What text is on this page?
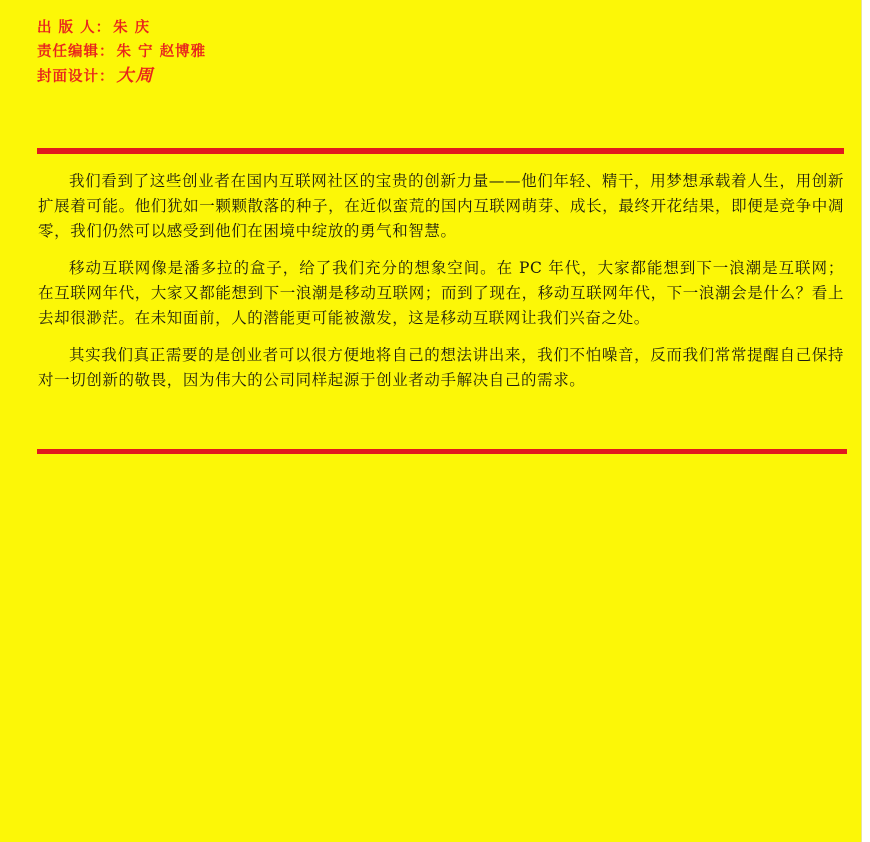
出 版 人： 朱 庆
责任编辑： 朱 宁 赵博雅
封面设计： 大周

我们看到了这些创业者在国内互联网社区的宝贵的创新力量——他们年轻、精干，用梦想承载着人生，用创新扩展着可能。他们犹如一颗颗散落的种子，在近似蛮荒的国内互联网萌芽、成长，最终开花结果，即便是竞争中凋零，我们仍然可以感受到他们在困境中绽放的勇气和智慧。

移动互联网像是潘多拉的盒子，给了我们充分的想象空间。在 PC 年代，大家都能想到下一浪潮是互联网；在互联网年代，大家又都能想到下一浪潮是移动互联网；而到了现在，移动互联网年代，下一浪潮会是什么？看上去却很渺茫。在未知面前，人的潜能更可能被激发，这是移动互联网让我们兴奋之处。

其实我们真正需要的是创业者可以很方便地将自己的想法讲出来，我们不怕噪音，反而我们常常提醒自己保持对一切创新的敬畏，因为伟大的公司同样起源于创业者动手解决自己的需求。
